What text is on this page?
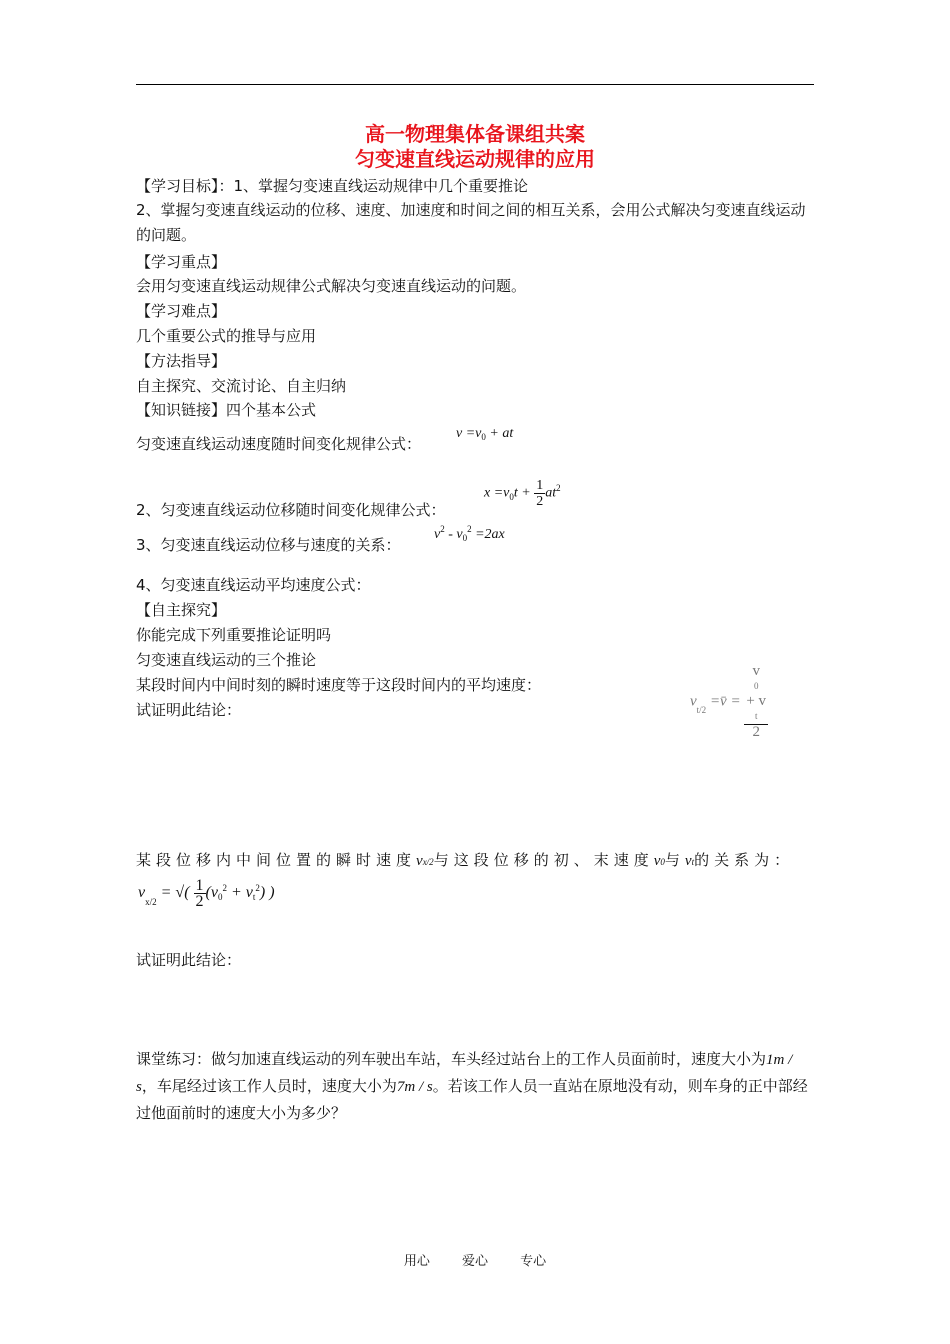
高一物理集体备课组共案
匀变速直线运动规律的应用
【学习目标】：1、掌握匀变速直线运动规律中几个重要推论
2、掌握匀变速直线运动的位移、速度、加速度和时间之间的相互关系，会用公式解决匀变速直线运动的问题。
【学习重点】
会用匀变速直线运动规律公式解决匀变速直线运动的问题。
【学习难点】
几个重要公式的推导与应用
【方法指导】
自主探究、交流讨论、自主归纳
【知识链接】四个基本公式
匀变速直线运动速度随时间变化规律公式：
$v =v_0$ + at
2、匀变速直线运动位移随时间变化规律公式：
$x =v_0t + \frac{1}{2} at^2$
3、匀变速直线运动位移与速度的关系：
$v^2 - v_0^2 =2ax$
4、匀变速直线运动平均速度公式：
【自主探究】
你能完成下列重要推论证明吗
匀变速直线运动的三个推论
某段时间内中间时刻的瞬时速度等于这段时间内的平均速度：
$v_{t/2}$ =v̄ = v
0
+ v
t
2
试证明此结论：
某段位移内中间位置的瞬时速度vx/2与这段位移的初、末速度v0与vt的关系为：
$v_{x/2}$ = √( $\frac{1}{2} (v0^2 + vt^2)$ )
试证明此结论：
课堂练习：做匀加速直线运动的列车驶出车站，车头经过站台上的工作人员面前时，速度大小为1m / s，车尾经过该工作人员时，速度大小为7m / s。若该工作人员一直站在原地没有动，则车身的正中部经过他面前时的速度大小为多少？
用心 爱心 专心
